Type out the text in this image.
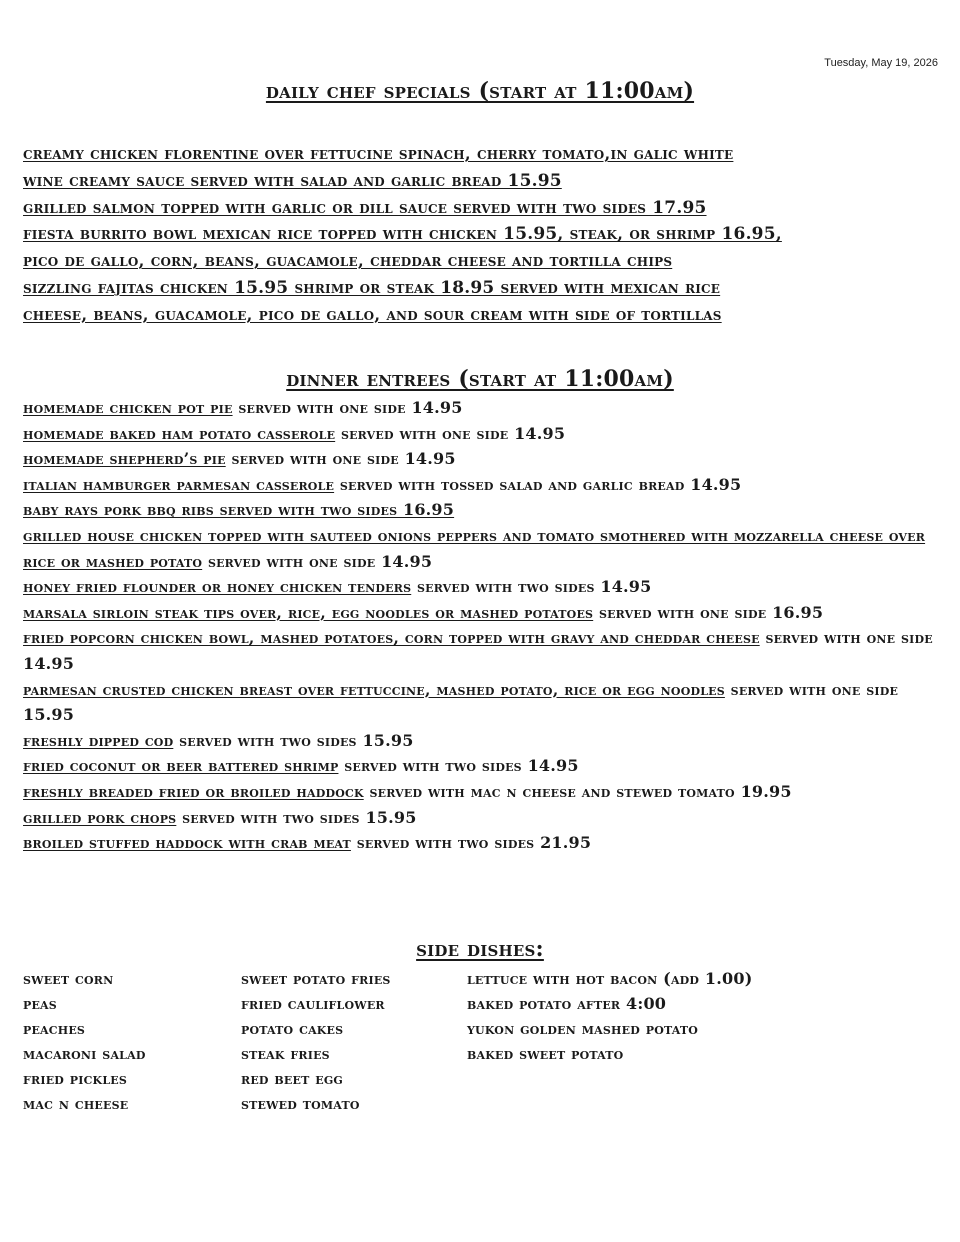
Tuesday, May 19, 2026
daily chef specials (start at 11:00am)

creamy chicken florentine over fettucine spinach, cherry tomato,in galic white

wine creamy sauce served with salad and garlic bread 15.95

grilled salmon topped with garlic or dill sauce served with two sides 17.95

fiesta burrito bowl mexican rice topped with chicken 15.95, steak, or shrimp 16.95,

pico de gallo, corn, beans, guacamole, cheddar cheese and tortilla chips

sizzling fajitas chicken 15.95 shrimp or steak 18.95 served with mexican rice

cheese, beans, guacamole, pico de gallo, and sour cream with side of tortillas

dinner entrees (start at 11:00am)

homemade chicken pot pie served with one side 14.95

homemade baked ham potato casserole served with one side 14.95

homemade shepherd’s pie served with one side 14.95

italian hamburger parmesan casserole served with tossed salad and garlic bread 14.95

baby rays pork bbq ribs served with two sides 16.95

grilled house chicken topped with sauteed onions peppers and tomato smothered with mozzarella cheese over rice or mashed potato served with one side 14.95

honey fried flounder or honey chicken tenders served with two sides 14.95

marsala sirloin steak tips over, rice, egg noodles or mashed potatoes served with one side 16.95

fried popcorn chicken bowl, mashed potatoes, corn topped with gravy and cheddar cheese served with one side 14.95

parmesan crusted chicken breast over fettuccine, mashed potato, rice or egg noodles served with one side 15.95

freshly dipped cod served with two sides 15.95

fried coconut or beer battered shrimp served with two sides 14.95

freshly breaded fried or broiled haddock served with mac n cheese and stewed tomato 19.95

grilled pork chops served with two sides 15.95

broiled stuffed haddock with crab meat served with two sides 21.95

side dishes:
sweet corn
peas
peaches
macaroni salad
fried pickles
mac n cheese
sweet potato fries
fried cauliflower
potato cakes
steak fries
red beet egg
stewed tomato
lettuce with hot bacon (add 1.00)
baked potato after 4:00
yukon golden mashed potato
baked sweet potato
